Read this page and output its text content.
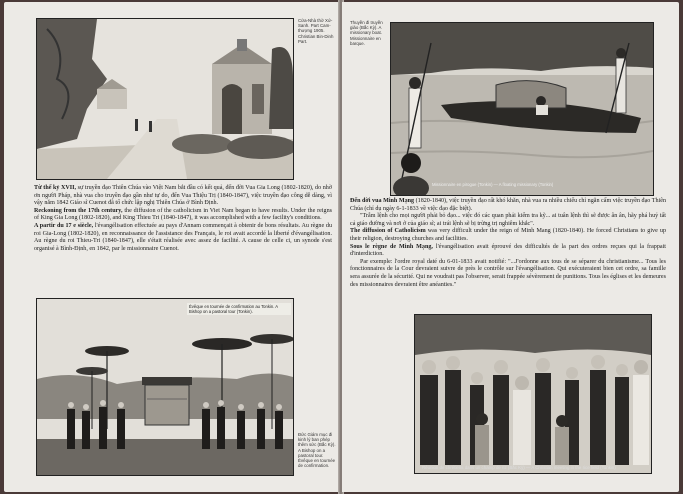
Cửa-Nhà thờ Xứ-Sanh. Part Cam-thượng 1905. Christian Bin-Dinh Part.

Từ thế kỷ XVII, sự truyền đạo Thiên Chúa vào Việt Nam bắt đầu có kết quả, đến đời Vua Gia Long (1802-1820), do nhờ ơn người Pháp, nhà vua cho truyền đạo gần như tự do, đến Vua Thiệu Trị (1840-1847), việc truyền đạo công dễ dàng, vì vậy năm 1842 Giáo sĩ Cuenot đã tổ chức lập nghị Thiên Chúa ở Bình Định.

Reckoning from the 17th century, the diffusion of the catholicism in Viet Nam began to have results. Under the reigns of King Gia Long (1802-1820), and King Thieu Tri (1840-1847), it was accomplished with a few facility's conditions.

A partir du 17 e siècle, l'évangélisation effectuée au pays d'Annam commençait à obtenir de bons résultats. Au règne du roi Gia-Long (1802-1820), en reconnaissance de l'assistance des Français, le roi avait accordé la liberté d'évangélisation. Au règne du roi Thieu-Tri (1840-1847), elle s'était réalisée avec assez de facilité. A cause de celle ci, un synode s'est organisé à Bình-Định, en 1842, par le missionnaire Cuenot.

Évêque en tournée de confirmation au Tonkin. A Bishop on a pastoral tour (Tonkin).
Đức Giám mục đi kinh lý ban phép thêm sức (Bắc Kỳ). A Bishop on a pastoral tour. Évêque en tournée de confirmation.
Thuyền đi truyền giáo (Bắc Kỳ). A missionary boat. Missionnaire en barque.
Missionnaire en pirogue (Tonkin) — A floating missionary (Tonkin)

Đến đời vua Minh Mạng (1820-1840), việc truyền đạo rất khó khăn, nhà vua ra nhiều chiếu chỉ ngăn cấm việc truyền đạo Thiên Chúa (chỉ dụ ngày 6-1-1833 về việc đạo đặc biệt).

"Trẫm lệnh cho mọi người phải bỏ đạo... việc đó các quan phải kiểm tra kỹ... ai tuân lệnh thì sẽ được ân ân, hãy phá huỷ tất cả giáo đường và nơi ở của giáo sĩ; ai trái lệnh sẽ bị trừng trị nghiêm khắc".

The diffusion of Catholicism was very difficult under the reign of Minh Mang (1820-1840). He forced Christians to give up their religion, destroying churches and facilities.

Sous le règne de Minh Mạng, l'évangélisation avait éprouvé des difficultés de la part des ordres reçues qui la frappait d'interdiction.

Par exemple: l'ordre royal daté du 6-01-1833 avait notifié: "...J'ordonne aux tous de se séparer du christianisme... Tous les fonctionnaires de la Cour devraient suivre de près le contrôle sur l'évangélisation. Qui exécuteraient bien cet ordre, sa famille sera assurée de la sécurité. Qui ne voudrait pas l'observer, serait frappée sévèrement de punitions. Tous les églises et les demeures des missionnaires devraient être anéanties."

Réunion de chrétiens dans un champ de riz (Bắc Kỳ) — A Christian meeting in the rice field (Tonkin)
